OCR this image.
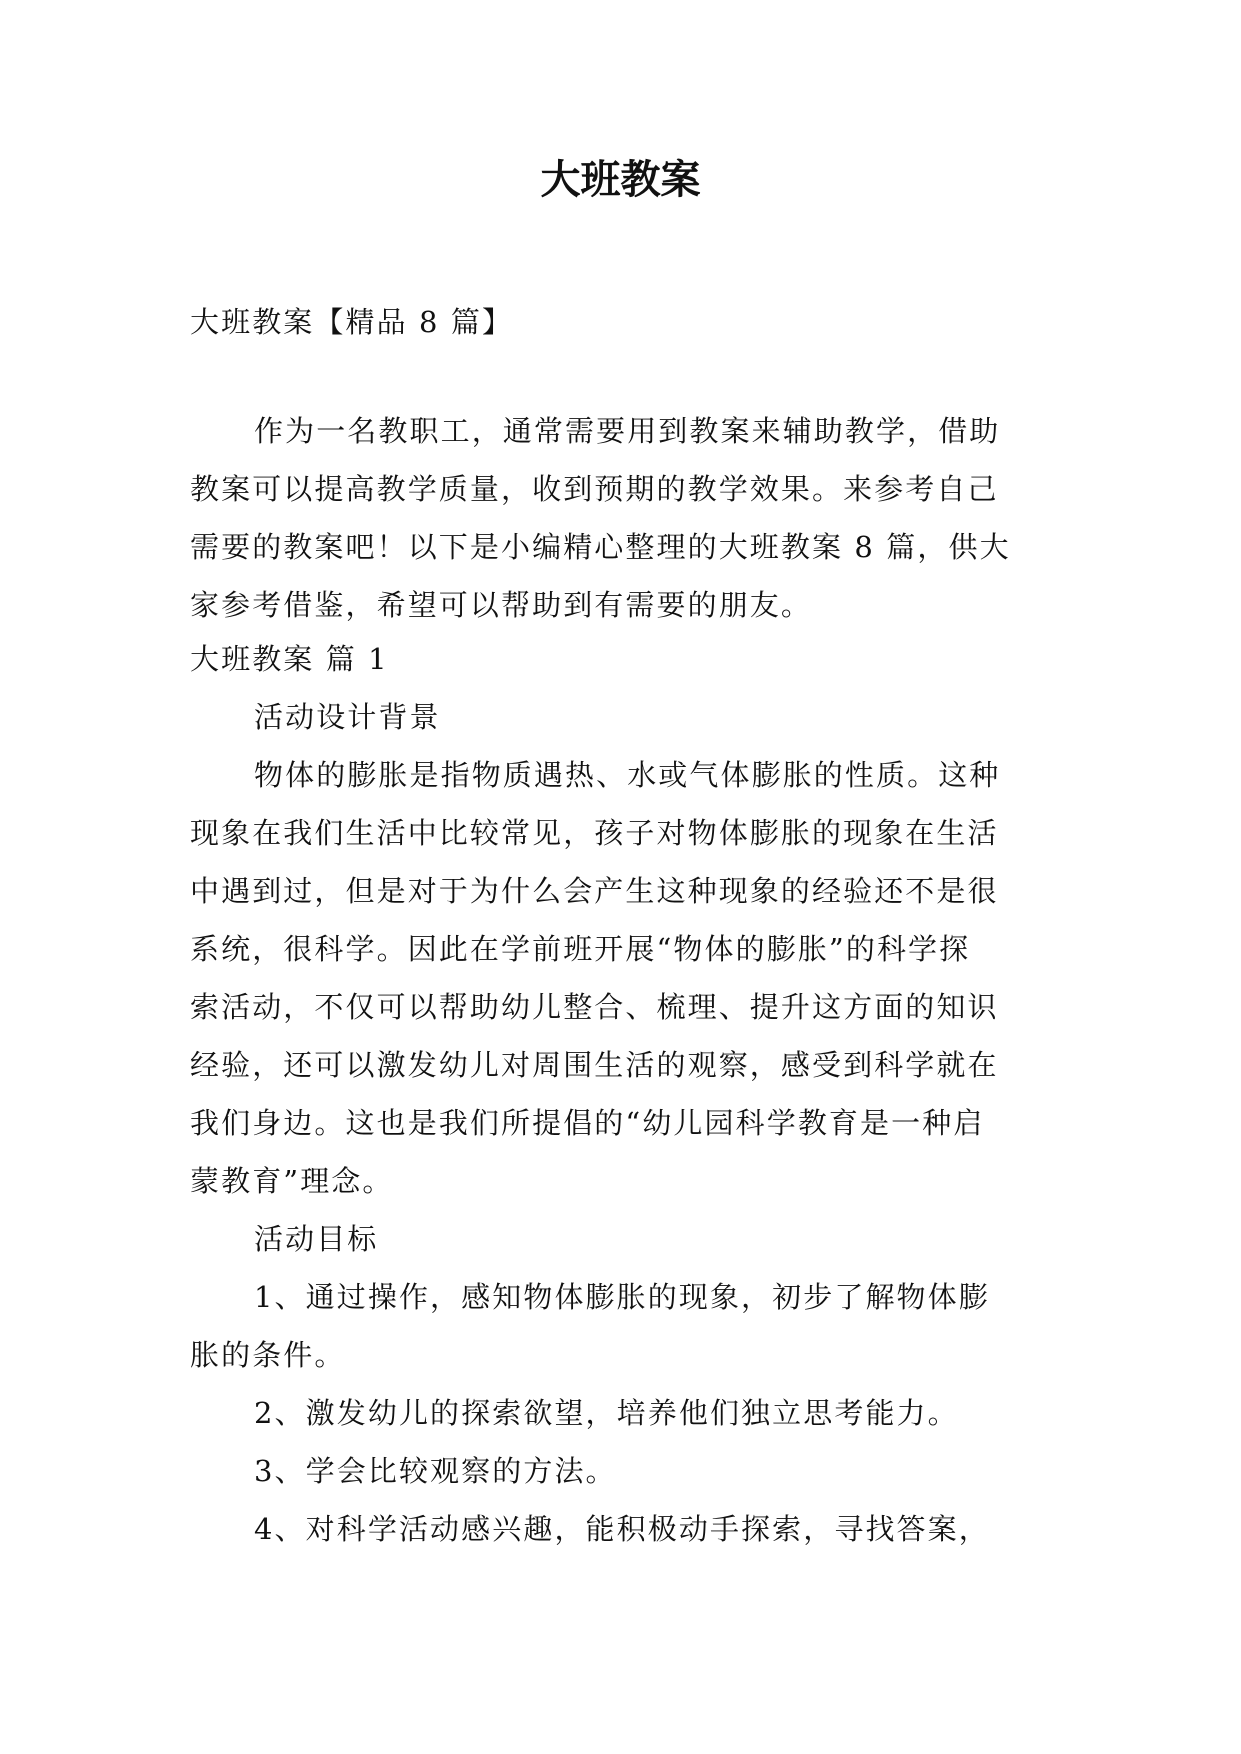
大班教案
大班教案【精品 8 篇】
作为一名教职工，通常需要用到教案来辅助教学，借助
教案可以提高教学质量，收到预期的教学效果。来参考自己
需要的教案吧！以下是小编精心整理的大班教案 8 篇，供大
家参考借鉴，希望可以帮助到有需要的朋友。
大班教案 篇 1
活动设计背景
物体的膨胀是指物质遇热、水或气体膨胀的性质。这种
现象在我们生活中比较常见，孩子对物体膨胀的现象在生活
中遇到过，但是对于为什么会产生这种现象的经验还不是很
系统，很科学。因此在学前班开展“物体的膨胀”的科学探
索活动，不仅可以帮助幼儿整合、梳理、提升这方面的知识
经验，还可以激发幼儿对周围生活的观察，感受到科学就在
我们身边。这也是我们所提倡的“幼儿园科学教育是一种启
蒙教育”理念。
活动目标
1、通过操作，感知物体膨胀的现象，初步了解物体膨
胀的条件。
2、激发幼儿的探索欲望，培养他们独立思考能力。
3、学会比较观察的方法。
4、对科学活动感兴趣，能积极动手探索，寻找答案，
